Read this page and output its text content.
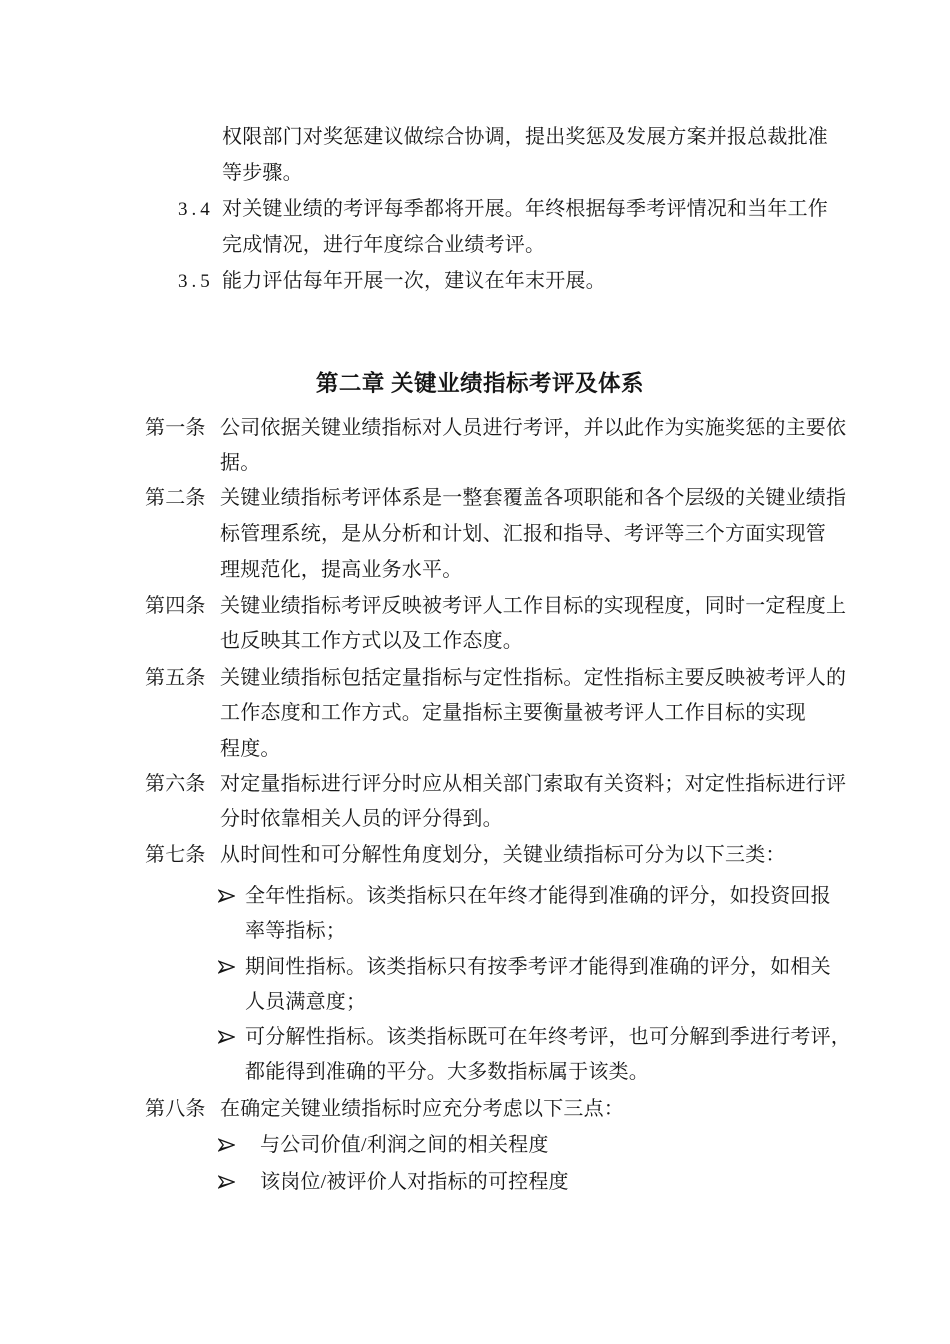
权限部门对奖惩建议做综合协调，提出奖惩及发展方案并报总裁批准
等步骤。
3.4 对关键业绩的考评每季都将开展。年终根据每季考评情况和当年工作
完成情况，进行年度综合业绩考评。
3.5 能力评估每年开展一次，建议在年末开展。
第二章 关键业绩指标考评及体系
第一条 公司依据关键业绩指标对人员进行考评，并以此作为实施奖惩的主要依
据。
第二条 关键业绩指标考评体系是一整套覆盖各项职能和各个层级的关键业绩指
标管理系统，是从分析和计划、汇报和指导、考评等三个方面实现管
理规范化，提高业务水平。
第四条 关键业绩指标考评反映被考评人工作目标的实现程度，同时一定程度上
也反映其工作方式以及工作态度。
第五条 关键业绩指标包括定量指标与定性指标。定性指标主要反映被考评人的
工作态度和工作方式。定量指标主要衡量被考评人工作目标的实现
程度。
第六条 对定量指标进行评分时应从相关部门索取有关资料；对定性指标进行评
分时依靠相关人员的评分得到。
第七条 从时间性和可分解性角度划分，关键业绩指标可分为以下三类：
全年性指标。该类指标只在年终才能得到准确的评分，如投资回报
率等指标；
期间性指标。该类指标只有按季考评才能得到准确的评分，如相关
人员满意度；
可分解性指标。该类指标既可在年终考评，也可分解到季进行考评，
都能得到准确的平分。大多数指标属于该类。
第八条 在确定关键业绩指标时应充分考虑以下三点：
与公司价值/利润之间的相关程度
该岗位/被评价人对指标的可控程度
